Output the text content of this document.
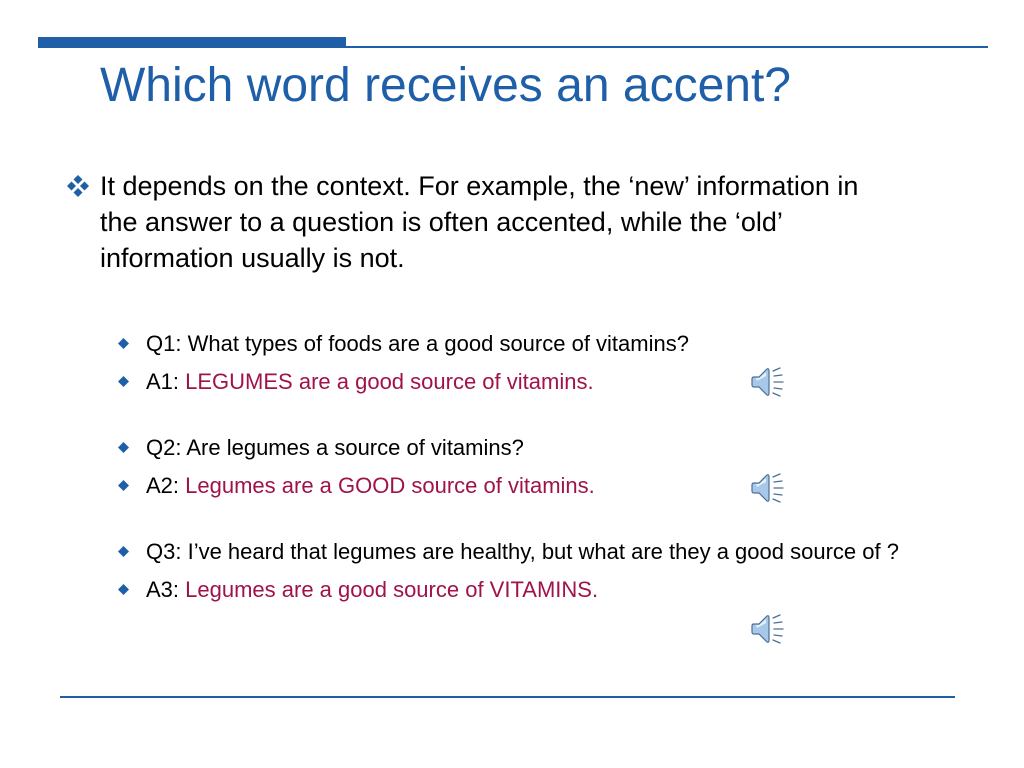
Which word receives an accent?
It depends on the context. For example, the ‘new’ information in the answer to a question is often accented, while the ‘old’ information usually is not.
Q1: What types of foods are a good source of vitamins?
A1: LEGUMES are a good source of vitamins.
Q2: Are legumes a source of vitamins?
A2: Legumes are a GOOD source of vitamins.
Q3: I’ve heard that legumes are healthy, but what are they a good source of ?
A3: Legumes are a good source of VITAMINS.
